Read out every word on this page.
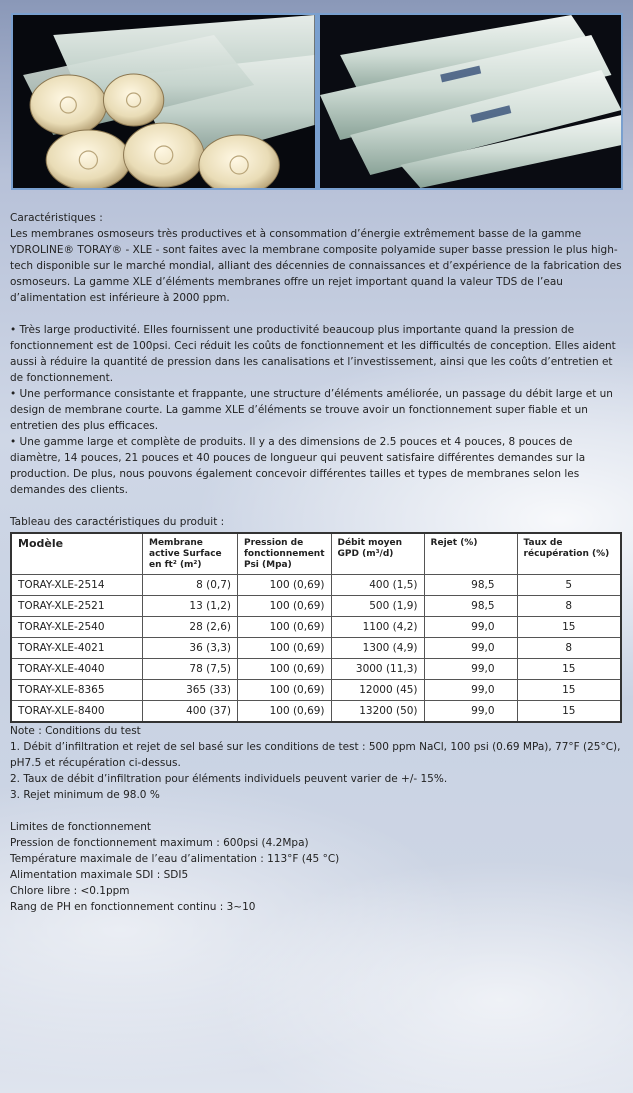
Caractéristiques :

Les membranes osmoseurs très productives et à consommation d’énergie extrêmement basse de la gamme YDROLINE® TORAY® - XLE - sont faites avec la membrane composite polyamide super basse pression le plus high-tech disponible sur le marché mondial, alliant des décennies de connaissances et d’expérience de la fabrication des osmoseurs. La gamme XLE d’éléments membranes offre un rejet important quand la valeur TDS de l’eau d’alimentation est inférieure à 2000 ppm.

• Très large productivité. Elles fournissent une productivité beaucoup plus importante quand la pression de fonctionnement est de 100psi. Ceci réduit les coûts de fonctionnement et les difficultés de conception. Elles aident aussi à réduire la quantité de pression dans les canalisations et l’investissement, ainsi que les coûts d’entretien et de fonctionnement.

• Une performance consistante et frappante, une structure d’éléments améliorée, un passage du débit large et un design de membrane courte. La gamme XLE d’éléments se trouve avoir un fonctionnement super fiable et un entretien des plus efficaces.

• Une gamme large et complète de produits. Il y a des dimensions de 2.5 pouces et 4 pouces, 8 pouces de diamètre, 14 pouces, 21 pouces et 40 pouces de longueur qui peuvent satisfaire différentes demandes sur la production. De plus, nous pouvons également concevoir différentes tailles et types de membranes selon les demandes des clients.

Tableau des caractéristiques du produit :

Modèle	Membrane active Surface en ft² (m²)	Pression de fonctionnement Psi (Mpa)	Débit moyen GPD (m³/d)	Rejet (%)	Taux de récupération (%)
TORAY-XLE-2514	8 (0,7)	100 (0,69)	400 (1,5)	98,5	5
TORAY-XLE-2521	13 (1,2)	100 (0,69)	500 (1,9)	98,5	8
TORAY-XLE-2540	28 (2,6)	100 (0,69)	1100 (4,2)	99,0	15
TORAY-XLE-4021	36 (3,3)	100 (0,69)	1300 (4,9)	99,0	8
TORAY-XLE-4040	78 (7,5)	100 (0,69)	3000 (11,3)	99,0	15
TORAY-XLE-8365	365 (33)	100 (0,69)	12000 (45)	99,0	15
TORAY-XLE-8400	400 (37)	100 (0,69)	13200 (50)	99,0	15

Note : Conditions du test

1. Débit d’infiltration et rejet de sel basé sur les conditions de test : 500 ppm NaCl, 100 psi (0.69 MPa), 77°F (25°C), pH7.5 et récupération ci-dessus.

2. Taux de débit d’infiltration pour éléments individuels peuvent varier de +/- 15%.

3. Rejet minimum de 98.0 %

Limites de fonctionnement

Pression de fonctionnement maximum : 600psi (4.2Mpa)

Température maximale de l’eau d’alimentation : 113°F (45 °C)

Alimentation maximale SDI : SDI5

Chlore libre : <0.1ppm

Rang de PH en fonctionnement continu : 3~10
